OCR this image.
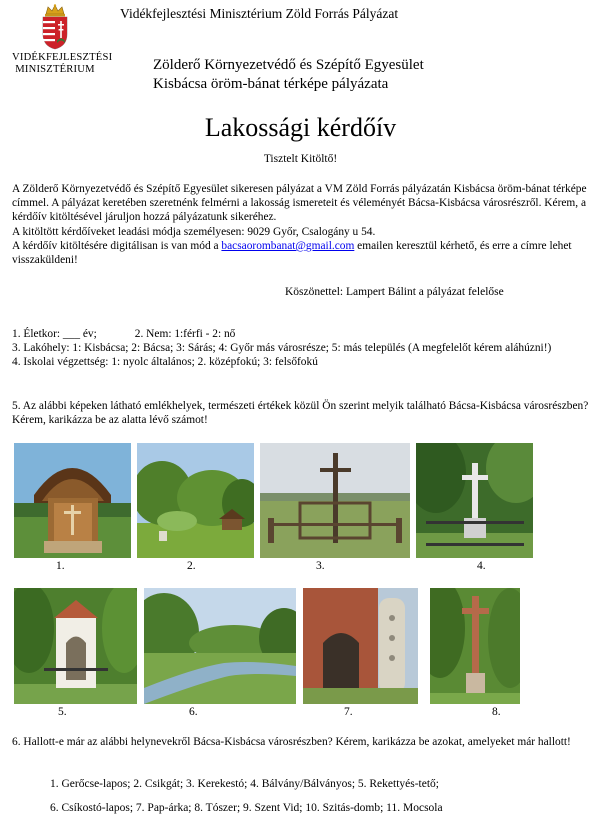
VIDÉKFEJLESZTÉSI
MINISZTÉRIUM
Vidékfejlesztési Minisztérium Zöld Forrás Pályázat
Zölderő Környezetvédő és Szépítő Egyesület
Kisbácsa öröm-bánat térképe pályázata
Lakossági kérdőív
Tisztelt Kitöltő!

A Zölderő Környezetvédő és Szépítő Egyesület sikeresen pályázat a VM Zöld Forrás pályázatán Kisbácsa öröm-bánat térképe címmel. A pályázat keretében szeretnénk felmérni a lakosság ismereteit és véleményét Bácsa-Kisbácsa városrészről. Kérem, a kérdőív kitöltésével járuljon hozzá pályázatunk sikeréhez.

A kitöltött kérdőíveket leadási módja személyesen: 9029 Győr, Csalogány u 54.

A kérdőív kitöltésére digitálisan is van mód a bacsaorombanat@gmail.com emailen keresztül kérhető, és erre a címre lehet visszaküldeni!

Köszönettel: Lampert Bálint a pályázat felelőse

1. Életkor: ___ év;	2. Nem: 1:férfi - 2: nő

3. Lakóhely: 1: Kisbácsa; 2: Bácsa; 3: Sárás; 4: Győr más városrésze; 5: más település (A megfelelőt kérem aláhúzni!)

4. Iskolai végzettség: 1: nyolc általános; 2. középfokú; 3: felsőfokú

5. Az alábbi képeken látható emlékhelyek, természeti értékek közül Ön szerint melyik található Bácsa-Kisbácsa városrészben? Kérem, karikázza be az alatta lévő számot!
1.	2.	3.	4.
5.	6.	7.	8.
6. Hallott-e már az alábbi helynevekről Bácsa-Kisbácsa városrészben? Kérem, karikázza be azokat, amelyeket már hallott!
1. Gerőcse-lapos; 2. Csikgát; 3. Kerekestó; 4. Bálvány/Bálványos; 5. Rekettyés-tető;
6. Csíkostó-lapos; 7. Pap-árka; 8. Tószer; 9. Szent Vid; 10. Szitás-domb; 11. Mocsola
